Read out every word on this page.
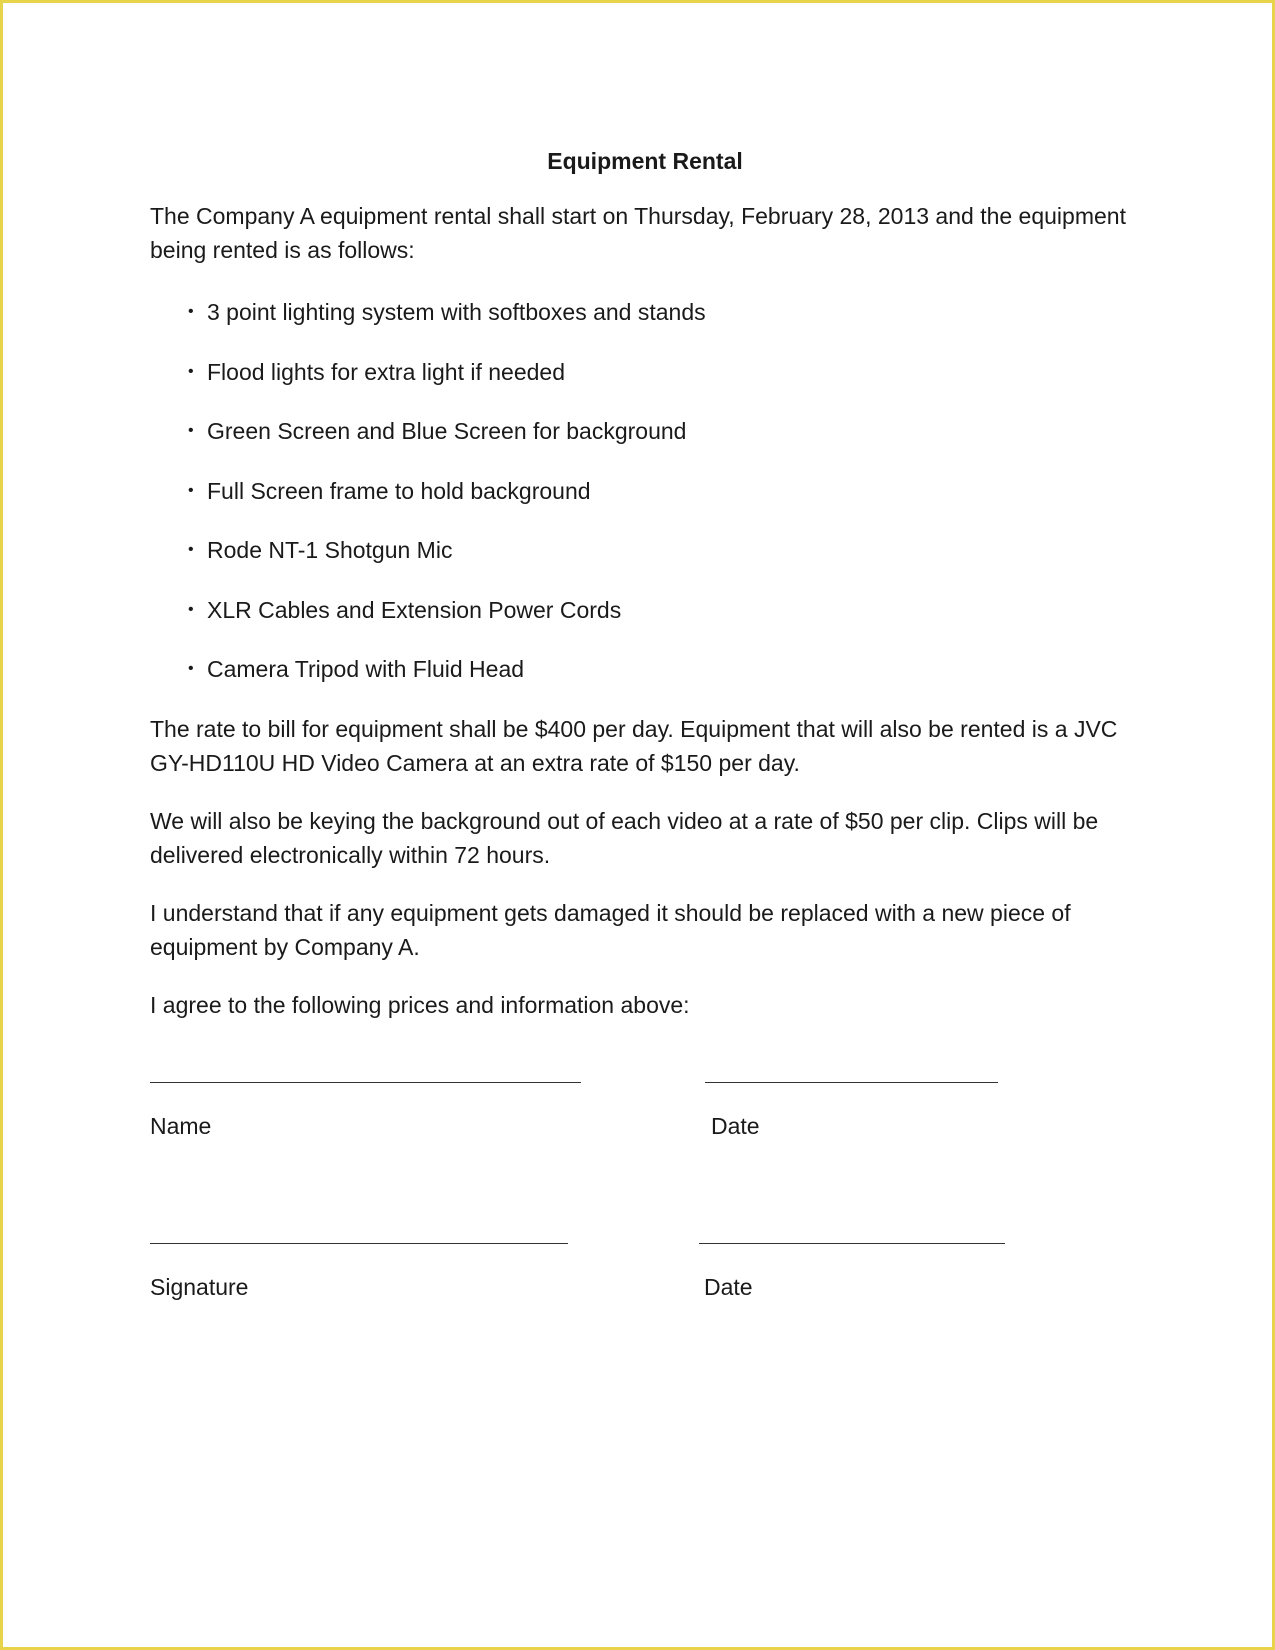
Equipment Rental

The Company A equipment rental shall start on Thursday, February 28, 2013 and the equipment being rented is as follows:

• 3 point lighting system with softboxes and stands
• Flood lights for extra light if needed
• Green Screen and Blue Screen for background
• Full Screen frame to hold background
• Rode NT-1 Shotgun Mic
• XLR Cables and Extension Power Cords
• Camera Tripod with Fluid Head

The rate to bill for equipment shall be $400 per day. Equipment that will also be rented is a JVC GY-HD110U HD Video Camera at an extra rate of $150 per day.

We will also be keying the background out of each video at a rate of $50 per clip. Clips will be delivered electronically within 72 hours.

I understand that if any equipment gets damaged it should be replaced with a new piece of equipment by Company A.

I agree to the following prices and information above:

Name	Date
Signature	Date
